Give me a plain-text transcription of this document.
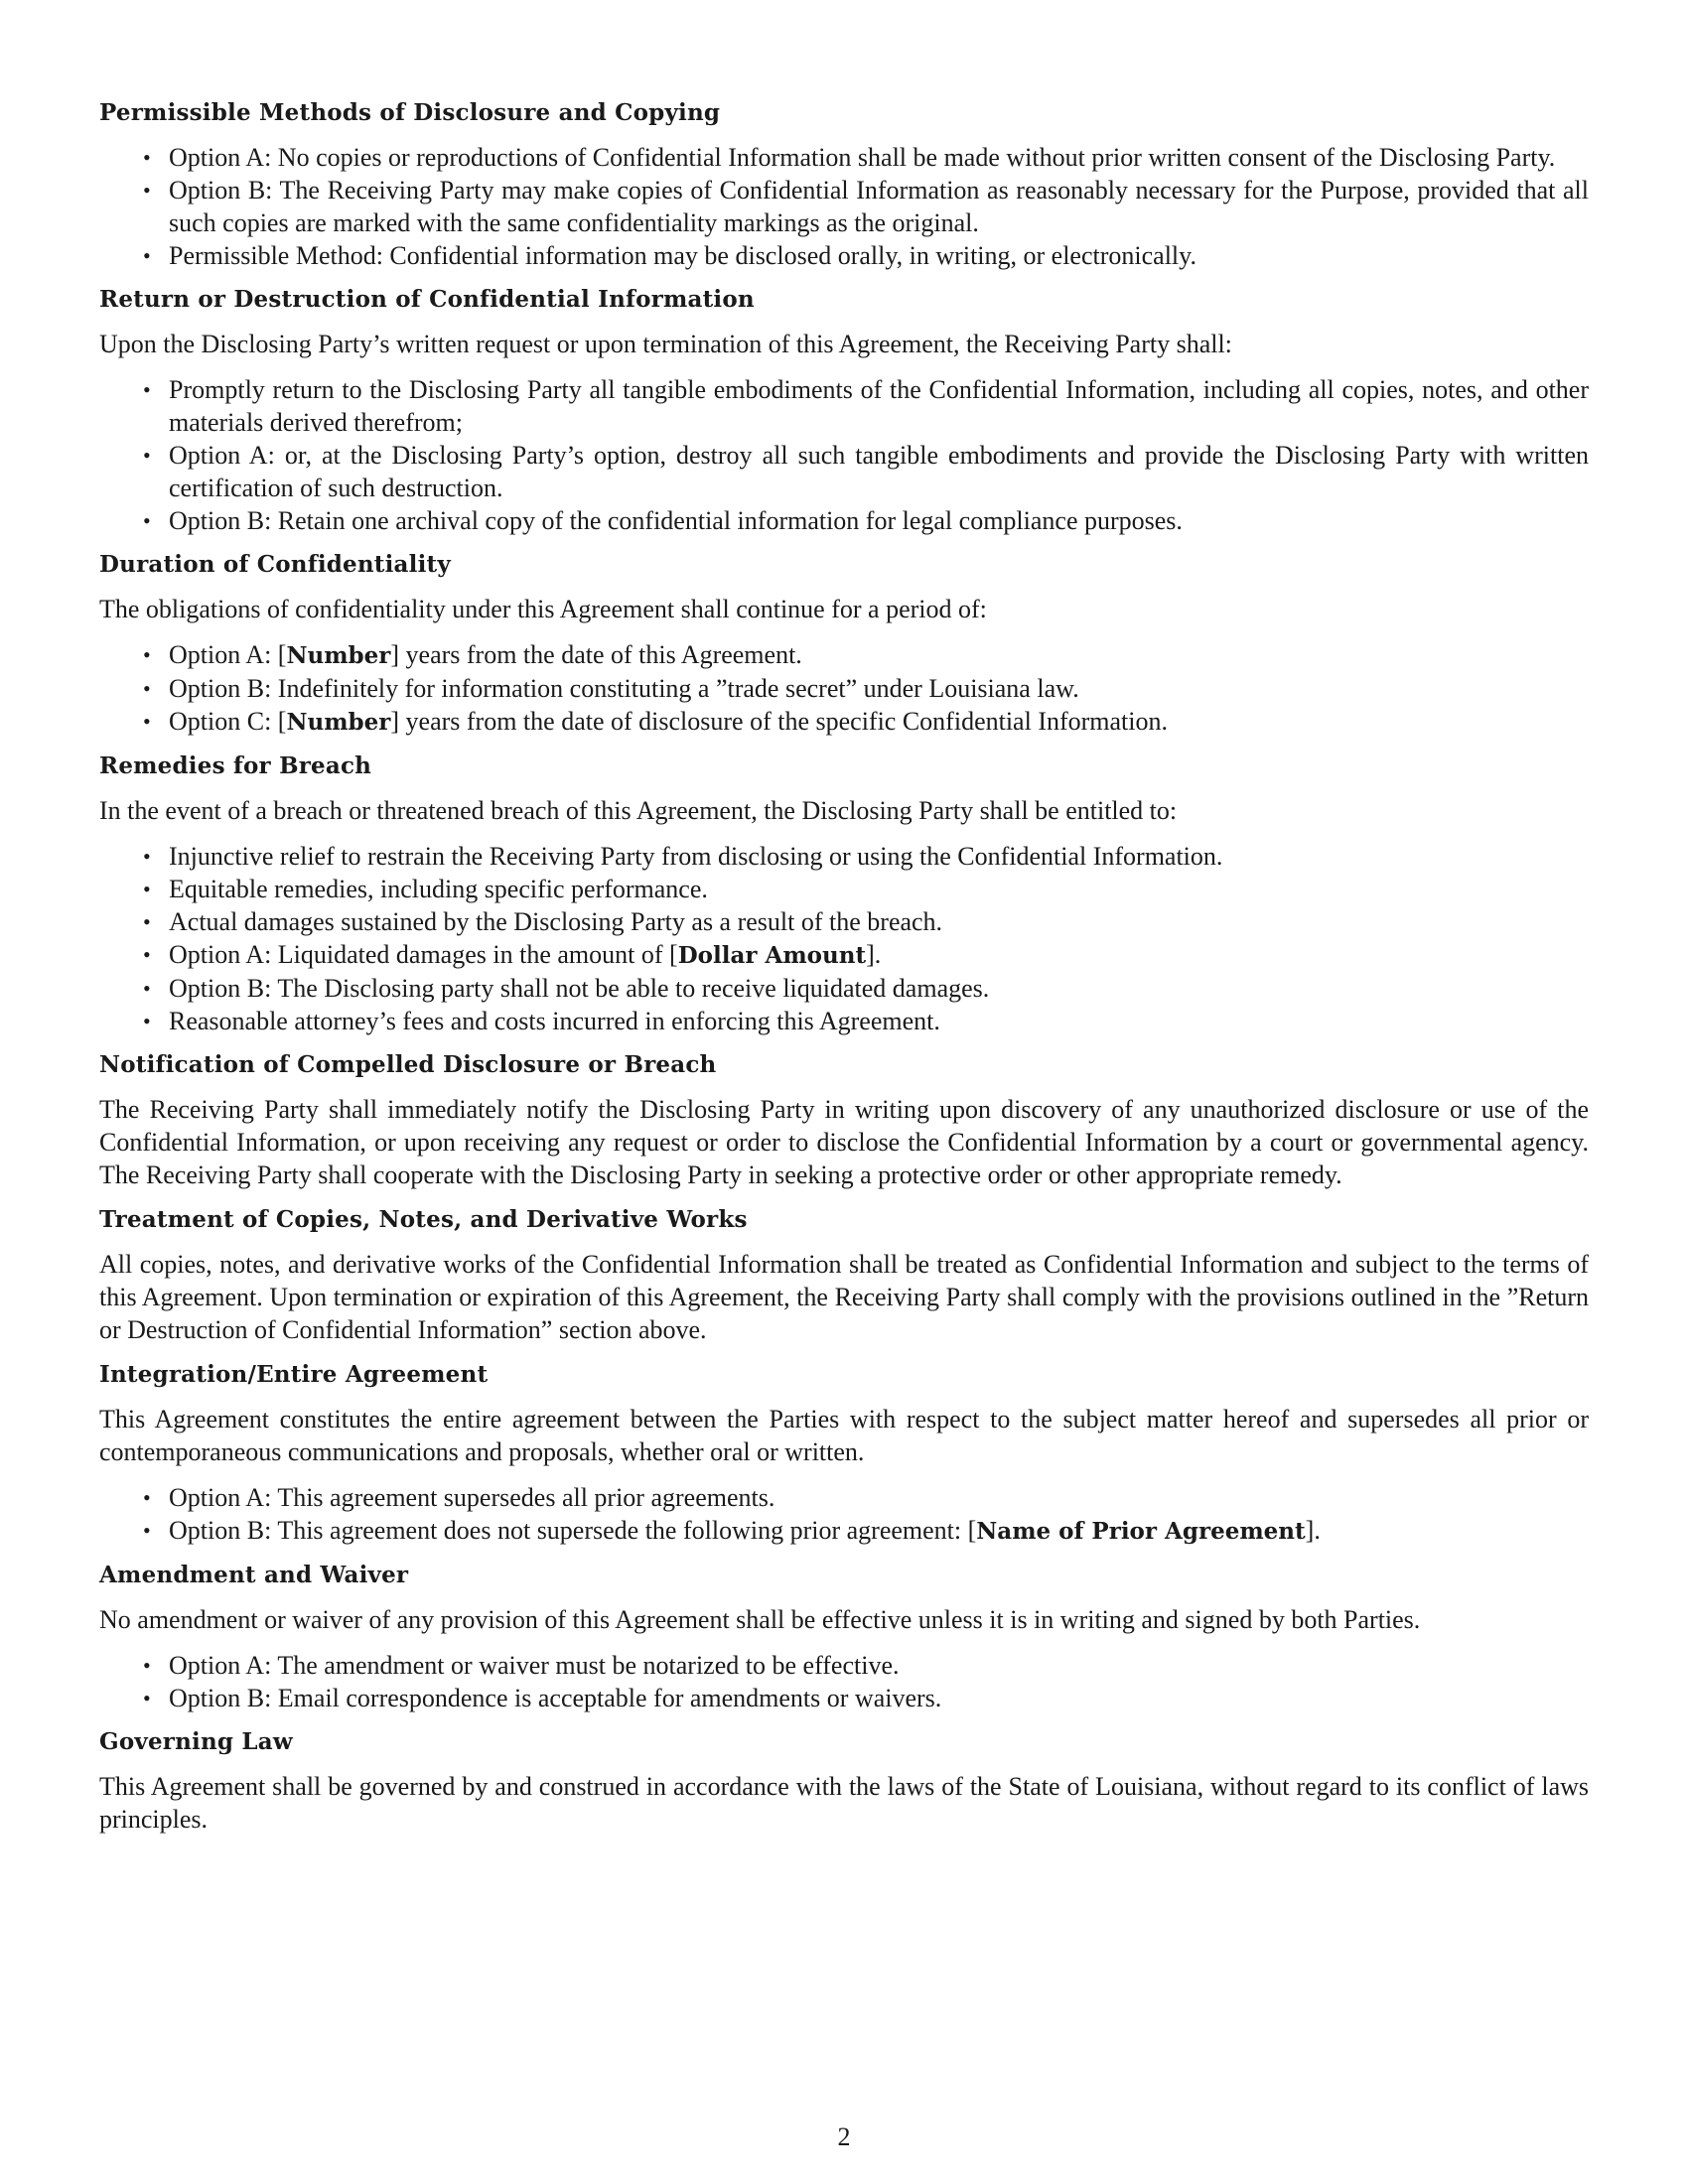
Permissible Methods of Disclosure and Copying
• Option A: No copies or reproductions of Confidential Information shall be made without prior written consent of the Disclosing Party.
• Option B: The Receiving Party may make copies of Confidential Information as reasonably necessary for the Purpose, provided that all such copies are marked with the same confidentiality markings as the original.
• Permissible Method: Confidential information may be disclosed orally, in writing, or electronically.
Return or Destruction of Confidential Information

Upon the Disclosing Party’s written request or upon termination of this Agreement, the Receiving Party shall:

• Promptly return to the Disclosing Party all tangible embodiments of the Confidential Information, including all copies, notes, and other materials derived therefrom;
• Option A: or, at the Disclosing Party’s option, destroy all such tangible embodiments and provide the Disclosing Party with written certification of such destruction.
• Option B: Retain one archival copy of the confidential information for legal compliance purposes.
Duration of Confidentiality

The obligations of confidentiality under this Agreement shall continue for a period of:

• Option A: [Number] years from the date of this Agreement.
• Option B: Indefinitely for information constituting a ”trade secret” under Louisiana law.
• Option C: [Number] years from the date of disclosure of the specific Confidential Information.
Remedies for Breach

In the event of a breach or threatened breach of this Agreement, the Disclosing Party shall be entitled to:

• Injunctive relief to restrain the Receiving Party from disclosing or using the Confidential Information.
• Equitable remedies, including specific performance.
• Actual damages sustained by the Disclosing Party as a result of the breach.
• Option A: Liquidated damages in the amount of [Dollar Amount].
• Option B: The Disclosing party shall not be able to receive liquidated damages.
• Reasonable attorney’s fees and costs incurred in enforcing this Agreement.
Notification of Compelled Disclosure or Breach

The Receiving Party shall immediately notify the Disclosing Party in writing upon discovery of any unauthorized disclosure or use of the Confidential Information, or upon receiving any request or order to disclose the Confidential Information by a court or governmental agency. The Receiving Party shall cooperate with the Disclosing Party in seeking a protective order or other appropriate remedy.

Treatment of Copies, Notes, and Derivative Works

All copies, notes, and derivative works of the Confidential Information shall be treated as Confidential Information and subject to the terms of this Agreement. Upon termination or expiration of this Agreement, the Receiving Party shall comply with the provisions outlined in the ”Return or Destruction of Confidential Information” section above.

Integration/Entire Agreement

This Agreement constitutes the entire agreement between the Parties with respect to the subject matter hereof and supersedes all prior or contemporaneous communications and proposals, whether oral or written.

• Option A: This agreement supersedes all prior agreements.
• Option B: This agreement does not supersede the following prior agreement: [Name of Prior Agreement].
Amendment and Waiver

No amendment or waiver of any provision of this Agreement shall be effective unless it is in writing and signed by both Parties.

• Option A: The amendment or waiver must be notarized to be effective.
• Option B: Email correspondence is acceptable for amendments or waivers.
Governing Law

This Agreement shall be governed by and construed in accordance with the laws of the State of Louisiana, without regard to its conflict of laws principles.

2
